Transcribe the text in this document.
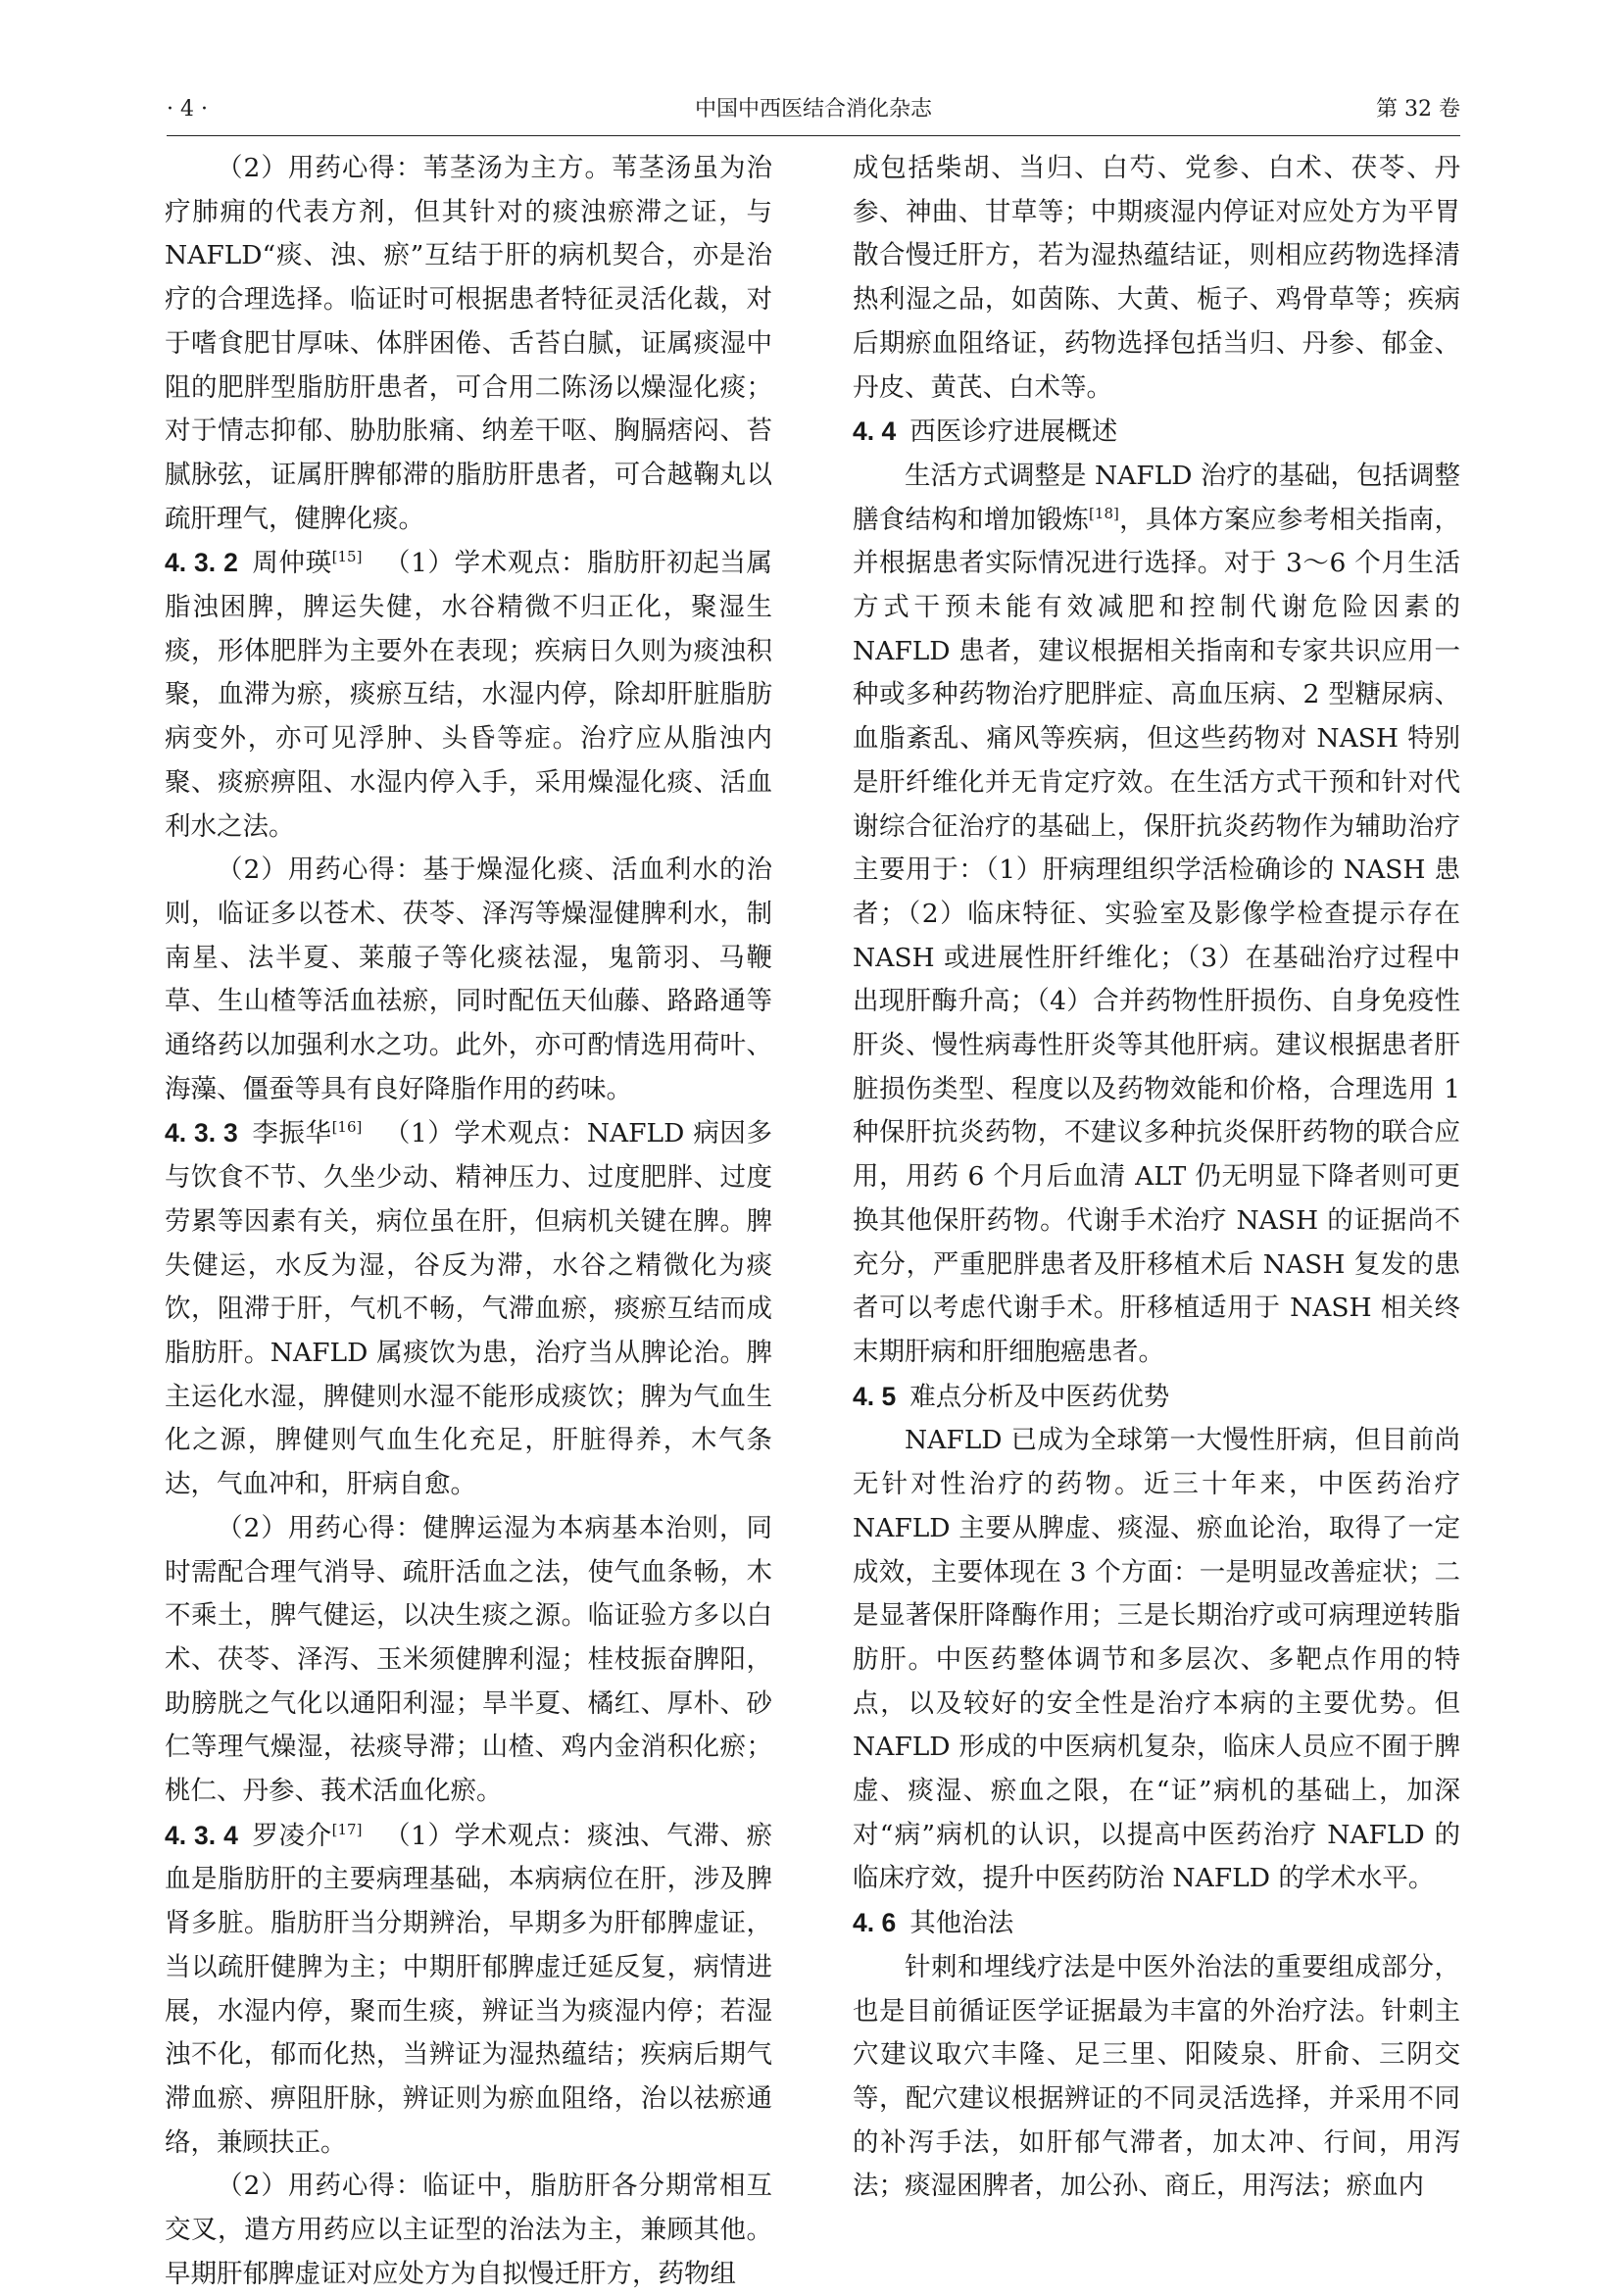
· 4 ·	中国中西医结合消化杂志	第 32 卷

（2）用药心得：苇茎汤为主方。苇茎汤虽为治疗肺痈的代表方剂，但其针对的痰浊瘀滞之证，与 NAFLD“痰、浊、瘀”互结于肝的病机契合，亦是治疗的合理选择。临证时可根据患者特征灵活化裁，对于嗜食肥甘厚味、体胖困倦、舌苔白腻，证属痰湿中阻的肥胖型脂肪肝患者，可合用二陈汤以燥湿化痰；对于情志抑郁、胁肋胀痛、纳差干呕、胸膈痞闷、苔腻脉弦，证属肝脾郁滞的脂肪肝患者，可合越鞠丸以疏肝理气，健脾化痰。

4. 3. 2 周仲瑛[15] （1）学术观点：脂肪肝初起当属脂浊困脾，脾运失健，水谷精微不归正化，聚湿生痰，形体肥胖为主要外在表现；疾病日久则为痰浊积聚，血滞为瘀，痰瘀互结，水湿内停，除却肝脏脂肪病变外，亦可见浮肿、头昏等症。治疗应从脂浊内聚、痰瘀痹阻、水湿内停入手，采用燥湿化痰、活血利水之法。

（2）用药心得：基于燥湿化痰、活血利水的治则，临证多以苍术、茯苓、泽泻等燥湿健脾利水，制南星、法半夏、莱菔子等化痰祛湿，鬼箭羽、马鞭草、生山楂等活血祛瘀，同时配伍天仙藤、路路通等通络药以加强利水之功。此外，亦可酌情选用荷叶、海藻、僵蚕等具有良好降脂作用的药味。

4. 3. 3 李振华[16] （1）学术观点：NAFLD 病因多与饮食不节、久坐少动、精神压力、过度肥胖、过度劳累等因素有关，病位虽在肝，但病机关键在脾。脾失健运，水反为湿，谷反为滞，水谷之精微化为痰饮，阻滞于肝，气机不畅，气滞血瘀，痰瘀互结而成脂肪肝。NAFLD 属痰饮为患，治疗当从脾论治。脾主运化水湿，脾健则水湿不能形成痰饮；脾为气血生化之源，脾健则气血生化充足，肝脏得养，木气条达，气血冲和，肝病自愈。

（2）用药心得：健脾运湿为本病基本治则，同时需配合理气消导、疏肝活血之法，使气血条畅，木不乘土，脾气健运，以决生痰之源。临证验方多以白术、茯苓、泽泻、玉米须健脾利湿；桂枝振奋脾阳，助膀胱之气化以通阳利湿；旱半夏、橘红、厚朴、砂仁等理气燥湿，祛痰导滞；山楂、鸡内金消积化瘀；桃仁、丹参、莪术活血化瘀。

4. 3. 4 罗凌介[17] （1）学术观点：痰浊、气滞、瘀血是脂肪肝的主要病理基础，本病病位在肝，涉及脾肾多脏。脂肪肝当分期辨治，早期多为肝郁脾虚证，当以疏肝健脾为主；中期肝郁脾虚迁延反复，病情进展，水湿内停，聚而生痰，辨证当为痰湿内停；若湿浊不化，郁而化热，当辨证为湿热蕴结；疾病后期气滞血瘀、痹阻肝脉，辨证则为瘀血阻络，治以祛瘀通络，兼顾扶正。

（2）用药心得：临证中，脂肪肝各分期常相互交叉，遣方用药应以主证型的治法为主，兼顾其他。早期肝郁脾虚证对应处方为自拟慢迁肝方，药物组

成包括柴胡、当归、白芍、党参、白术、茯苓、丹参、神曲、甘草等；中期痰湿内停证对应处方为平胃散合慢迁肝方，若为湿热蕴结证，则相应药物选择清热利湿之品，如茵陈、大黄、栀子、鸡骨草等；疾病后期瘀血阻络证，药物选择包括当归、丹参、郁金、丹皮、黄芪、白术等。

4. 4 西医诊疗进展概述

生活方式调整是 NAFLD 治疗的基础，包括调整膳食结构和增加锻炼[18]，具体方案应参考相关指南，并根据患者实际情况进行选择。对于 3～6 个月生活方式干预未能有效减肥和控制代谢危险因素的 NAFLD 患者，建议根据相关指南和专家共识应用一种或多种药物治疗肥胖症、高血压病、2 型糖尿病、血脂紊乱、痛风等疾病，但这些药物对 NASH 特别是肝纤维化并无肯定疗效。在生活方式干预和针对代谢综合征治疗的基础上，保肝抗炎药物作为辅助治疗主要用于：（1）肝病理组织学活检确诊的 NASH 患者；（2）临床特征、实验室及影像学检查提示存在 NASH 或进展性肝纤维化；（3）在基础治疗过程中出现肝酶升高；（4）合并药物性肝损伤、自身免疫性肝炎、慢性病毒性肝炎等其他肝病。建议根据患者肝脏损伤类型、程度以及药物效能和价格，合理选用 1 种保肝抗炎药物，不建议多种抗炎保肝药物的联合应用，用药 6 个月后血清 ALT 仍无明显下降者则可更换其他保肝药物。代谢手术治疗 NASH 的证据尚不充分，严重肥胖患者及肝移植术后 NASH 复发的患者可以考虑代谢手术。肝移植适用于 NASH 相关终末期肝病和肝细胞癌患者。

4. 5 难点分析及中医药优势

NAFLD 已成为全球第一大慢性肝病，但目前尚无针对性治疗的药物。近三十年来，中医药治疗 NAFLD 主要从脾虚、痰湿、瘀血论治，取得了一定成效，主要体现在 3 个方面：一是明显改善症状；二是显著保肝降酶作用；三是长期治疗或可病理逆转脂肪肝。中医药整体调节和多层次、多靶点作用的特点，以及较好的安全性是治疗本病的主要优势。但 NAFLD 形成的中医病机复杂，临床人员应不囿于脾虚、痰湿、瘀血之限，在“证”病机的基础上，加深对“病”病机的认识，以提高中医药治疗 NAFLD 的临床疗效，提升中医药防治 NAFLD 的学术水平。

4. 6 其他治法

针刺和埋线疗法是中医外治法的重要组成部分，也是目前循证医学证据最为丰富的外治疗法。针刺主穴建议取穴丰隆、足三里、阳陵泉、肝俞、三阴交等，配穴建议根据辨证的不同灵活选择，并采用不同的补泻手法，如肝郁气滞者，加太冲、行间，用泻法；痰湿困脾者，加公孙、商丘，用泻法；瘀血内
